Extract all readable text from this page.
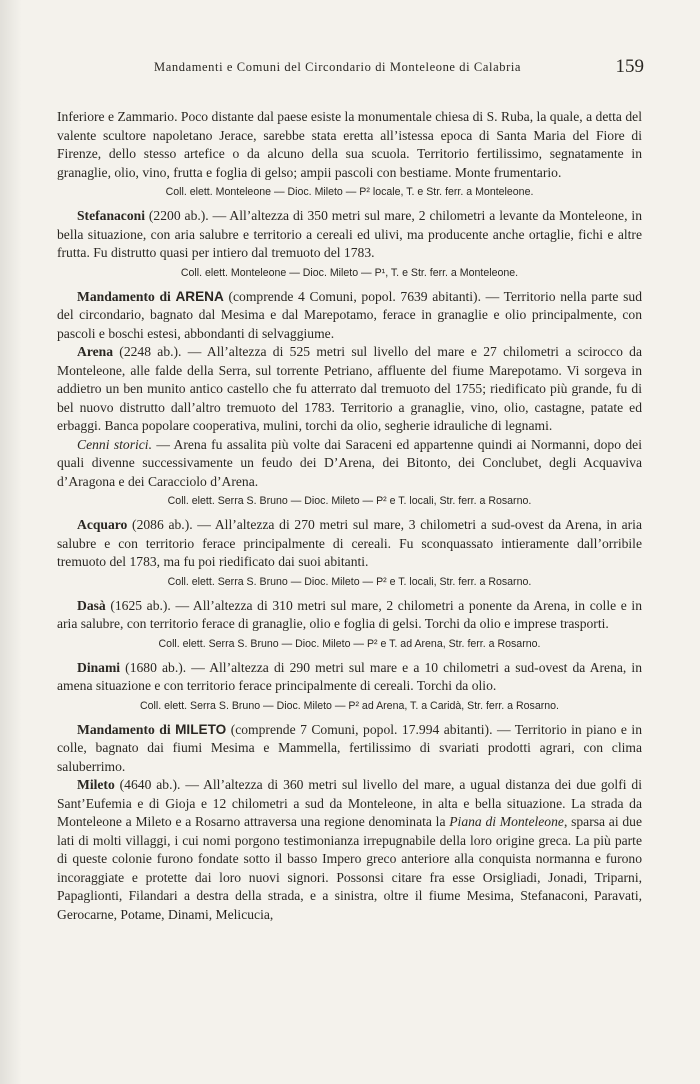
Mandamenti e Comuni del Circondario di Monteleone di Calabria	159

Inferiore e Zammario. Poco distante dal paese esiste la monumentale chiesa di S. Ruba, la quale, a detta del valente scultore napoletano Jerace, sarebbe stata eretta all’istessa epoca di Santa Maria del Fiore di Firenze, dello stesso artefice o da alcuno della sua scuola. Territorio fertilissimo, segnatamente in granaglie, olio, vino, frutta e foglia di gelso; ampii pascoli con bestiame. Monte frumentario.

Coll. elett. Monteleone — Dioc. Mileto — P² locale, T. e Str. ferr. a Monteleone.

Stefanaconi (2200 ab.). — All’altezza di 350 metri sul mare, 2 chilometri a levante da Monteleone, in bella situazione, con aria salubre e territorio a cereali ed ulivi, ma producente anche ortaglie, fichi e altre frutta. Fu distrutto quasi per intiero dal tremuoto del 1783.

Coll. elett. Monteleone — Dioc. Mileto — P¹, T. e Str. ferr. a Monteleone.

Mandamento di ARENA (comprende 4 Comuni, popol. 7639 abitanti). — Territorio nella parte sud del circondario, bagnato dal Mesima e dal Marepotamo, ferace in granaglie e olio principalmente, con pascoli e boschi estesi, abbondanti di selvaggiume.

Arena (2248 ab.). — All’altezza di 525 metri sul livello del mare e 27 chilometri a scirocco da Monteleone, alle falde della Serra, sul torrente Petriano, affluente del fiume Marepotamo. Vi sorgeva in addietro un ben munito antico castello che fu atterrato dal tremuoto del 1755; riedificato più grande, fu di bel nuovo distrutto dall’altro tremuoto del 1783. Territorio a granaglie, vino, olio, castagne, patate ed erbaggi. Banca popolare cooperativa, mulini, torchi da olio, segherie idrauliche di legnami.

Cenni storici. — Arena fu assalita più volte dai Saraceni ed appartenne quindi ai Normanni, dopo dei quali divenne successivamente un feudo dei D’Arena, dei Bitonto, dei Conclubet, degli Acquaviva d’Aragona e dei Caracciolo d’Arena.

Coll. elett. Serra S. Bruno — Dioc. Mileto — P² e T. locali, Str. ferr. a Rosarno.

Acquaro (2086 ab.). — All’altezza di 270 metri sul mare, 3 chilometri a sud-ovest da Arena, in aria salubre e con territorio ferace principalmente di cereali. Fu sconquassato intieramente dall’orribile tremuoto del 1783, ma fu poi riedificato dai suoi abitanti.

Coll. elett. Serra S. Bruno — Dioc. Mileto — P² e T. locali, Str. ferr. a Rosarno.

Dasà (1625 ab.). — All’altezza di 310 metri sul mare, 2 chilometri a ponente da Arena, in colle e in aria salubre, con territorio ferace di granaglie, olio e foglia di gelsi. Torchi da olio e imprese trasporti.

Coll. elett. Serra S. Bruno — Dioc. Mileto — P² e T. ad Arena, Str. ferr. a Rosarno.

Dinami (1680 ab.). — All’altezza di 290 metri sul mare e a 10 chilometri a sud-ovest da Arena, in amena situazione e con territorio ferace principalmente di cereali. Torchi da olio.

Coll. elett. Serra S. Bruno — Dioc. Mileto — P² ad Arena, T. a Caridà, Str. ferr. a Rosarno.

Mandamento di MILETO (comprende 7 Comuni, popol. 17.994 abitanti). — Territorio in piano e in colle, bagnato dai fiumi Mesima e Mammella, fertilissimo di svariati prodotti agrari, con clima saluberrimo.

Mileto (4640 ab.). — All’altezza di 360 metri sul livello del mare, a ugual distanza dei due golfi di Sant’Eufemia e di Gioja e 12 chilometri a sud da Monteleone, in alta e bella situazione. La strada da Monteleone a Mileto e a Rosarno attraversa una regione denominata la Piana di Monteleone, sparsa ai due lati di molti villaggi, i cui nomi porgono testimonianza irrepugnabile della loro origine greca. La più parte di queste colonie furono fondate sotto il basso Impero greco anteriore alla conquista normanna e furono incoraggiate e protette dai loro nuovi signori. Possonsi citare fra esse Orsigliadi, Jonadi, Triparni, Papaglionti, Filandari a destra della strada, e a sinistra, oltre il fiume Mesima, Stefanaconi, Paravati, Gerocarne, Potame, Dinami, Melicucia,
